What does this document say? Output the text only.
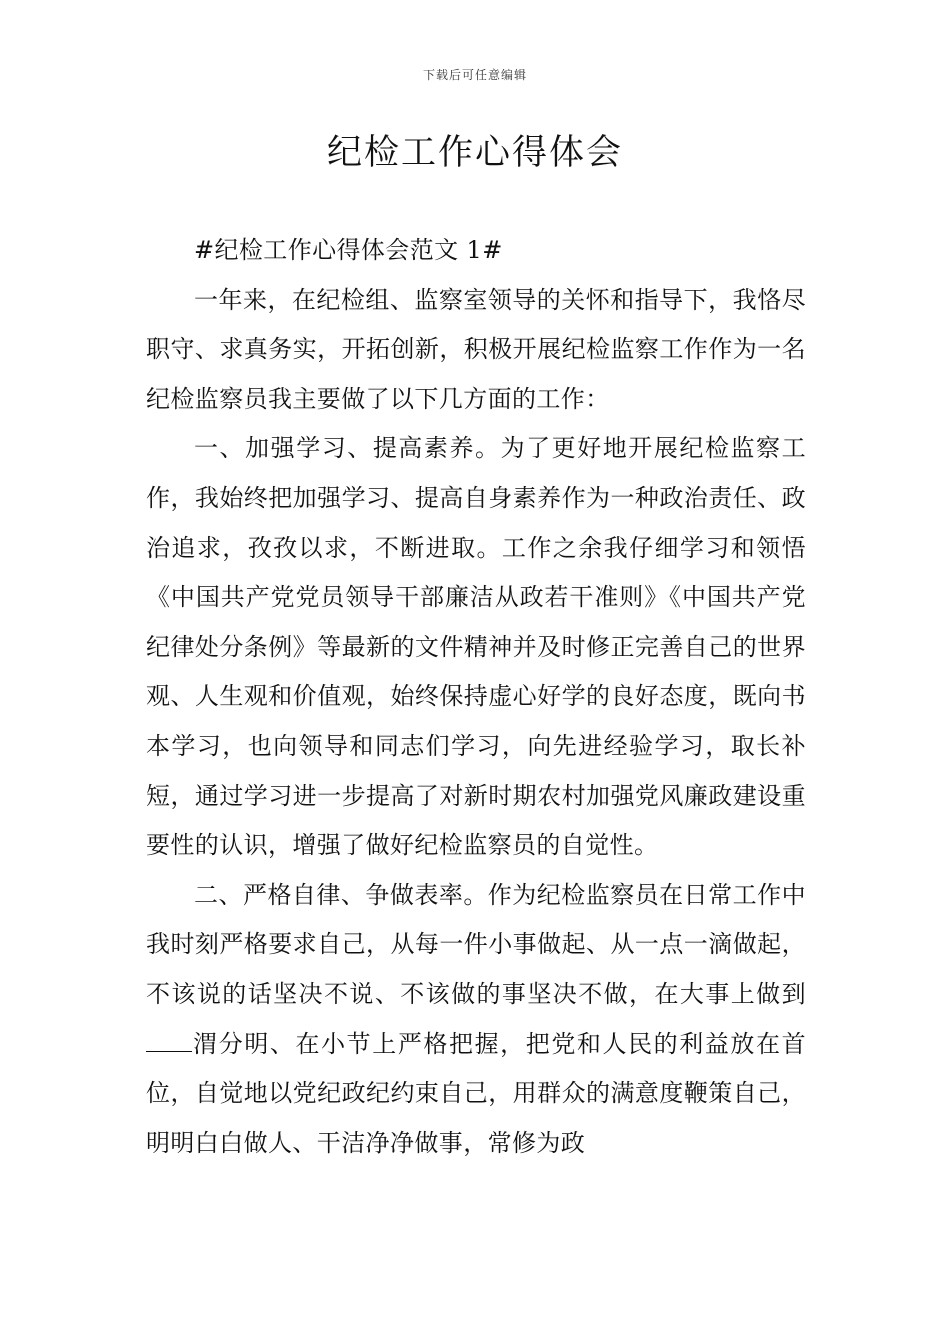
下载后可任意编辑
纪检工作心得体会

#纪检工作心得体会范文 1#

一年来，在纪检组、监察室领导的关怀和指导下，我恪尽职守、求真务实，开拓创新，积极开展纪检监察工作作为一名纪检监察员我主要做了以下几方面的工作：

一、加强学习、提高素养。为了更好地开展纪检监察工作，我始终把加强学习、提高自身素养作为一种政治责任、政治追求，孜孜以求，不断进取。工作之余我仔细学习和领悟《中国共产党党员领导干部廉洁从政若干准则》《中国共产党纪律处分条例》等最新的文件精神并及时修正完善自己的世界观、人生观和价值观，始终保持虚心好学的良好态度，既向书本学习，也向领导和同志们学习，向先进经验学习，取长补短，通过学习进一步提高了对新时期农村加强党风廉政建设重要性的认识，增强了做好纪检监察员的自觉性。

二、严格自律、争做表率。作为纪检监察员在日常工作中我时刻严格要求自己，从每一件小事做起、从一点一滴做起，不该说的话坚决不说、不该做的事坚决不做，在大事上做到渭分明、在小节上严格把握，把党和人民的利益放在首位，自觉地以党纪政纪约束自己，用群众的满意度鞭策自己，明明白白做人、干洁净净做事，常修为政
